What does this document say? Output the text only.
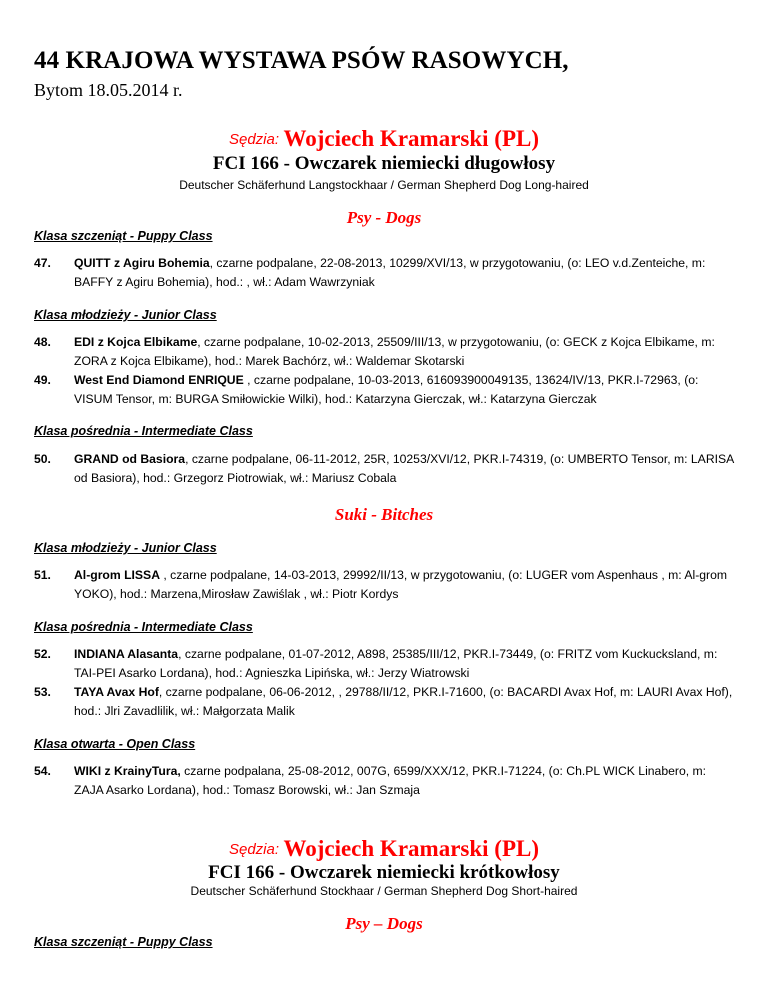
44 KRAJOWA WYSTAWA PSÓW RASOWYCH,
Bytom 18.05.2014 r.
Sędzia: Wojciech Kramarski (PL)
FCI 166 - Owczarek niemiecki długowłosy
Deutscher Schäferhund Langstockhaar / German Shepherd Dog Long-haired
Psy - Dogs
Klasa szczeniąt - Puppy Class
47. QUITT z Agiru Bohemia, czarne podpalane, 22-08-2013, 10299/XVI/13, w przygotowaniu, (o: LEO v.d.Zenteiche, m: BAFFY z Agiru Bohemia), hod.: , wł.: Adam Wawrzyniak
Klasa młodzieży - Junior Class
48. EDI z Kojca Elbikame, czarne podpalane, 10-02-2013, 25509/III/13, w przygotowaniu, (o: GECK z Kojca Elbikame, m: ZORA z Kojca Elbikame), hod.: Marek Bachórz, wł.: Waldemar Skotarski
49. West End Diamond ENRIQUE , czarne podpalane, 10-03-2013, 616093900049135, 13624/IV/13, PKR.I-72963, (o: VISUM Tensor, m: BURGA Smiłowickie Wilki), hod.: Katarzyna Gierczak, wł.: Katarzyna Gierczak
Klasa pośrednia - Intermediate Class
50. GRAND od Basiora, czarne podpalane, 06-11-2012, 25R, 10253/XVI/12, PKR.I-74319, (o: UMBERTO Tensor, m: LARISA od Basiora), hod.: Grzegorz Piotrowiak, wł.: Mariusz Cobala
Suki - Bitches
Klasa młodzieży - Junior Class
51. Al-grom LISSA , czarne podpalane, 14-03-2013, 29992/II/13, w przygotowaniu, (o: LUGER vom Aspenhaus , m: Al-grom YOKO), hod.: Marzena,Mirosław Zawiślak , wł.: Piotr Kordys
Klasa pośrednia - Intermediate Class
52. INDIANA Alasanta, czarne podpalane, 01-07-2012, A898, 25385/III/12, PKR.I-73449, (o: FRITZ vom Kuckucksland, m: TAI-PEI Asarko Lordana), hod.: Agnieszka Lipińska, wł.: Jerzy Wiatrowski
53. TAYA Avax Hof, czarne podpalane, 06-06-2012, , 29788/II/12, PKR.I-71600, (o: BACARDI Avax Hof, m: LAURI Avax Hof), hod.: Jlri Zavadlilik, wł.: Małgorzata Malik
Klasa otwarta - Open Class
54. WIKI z KrainyTura, czarne podpalana, 25-08-2012, 007G, 6599/XXX/12, PKR.I-71224, (o: Ch.PL WICK Linabero, m: ZAJA Asarko Lordana), hod.: Tomasz Borowski, wł.: Jan Szmaja
Sędzia: Wojciech Kramarski (PL)
FCI 166 - Owczarek niemiecki krótkowłosy
Deutscher Schäferhund Stockhaar / German Shepherd Dog Short-haired
Psy – Dogs
Klasa szczeniąt - Puppy Class
